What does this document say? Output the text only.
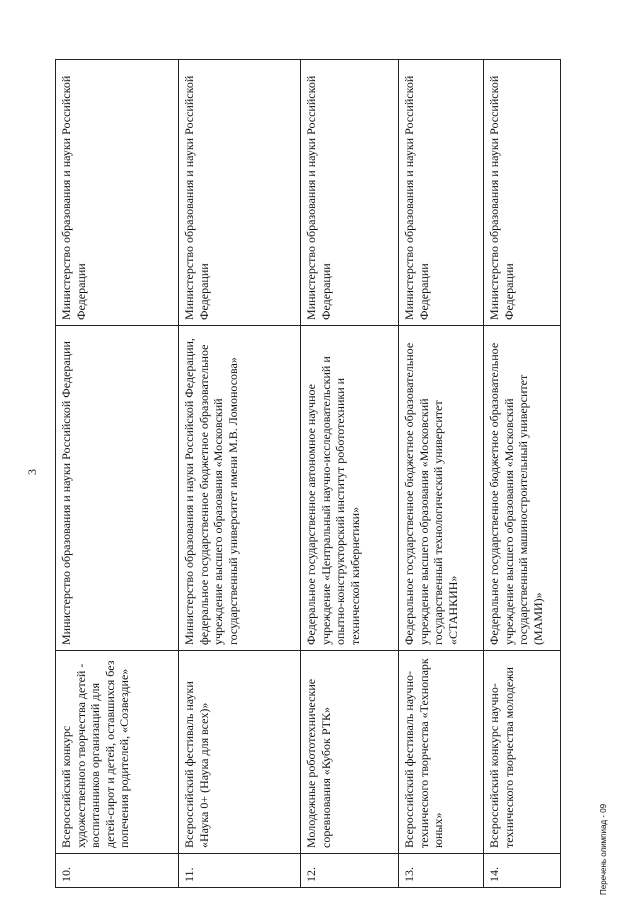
3
10.	Всероссийский конкурс художественного творчества детей - воспитанников организаций для детей-сирот и детей, оставшихся без попечения родителей, «Созвездие»	Министерство образования и науки Российской Федерации	Министерство образования и науки Российской Федерации
11.	Всероссийский фестиваль науки «Наука 0+ (Наука для всех)»	Министерство образования и науки Российской Федерации, федеральное государственное бюджетное образовательное учреждение высшего образования «Московский государственный университет имени М.В. Ломоносова»	Министерство образования и науки Российской Федерации
12.	Молодежные робототехнические соревнования «Кубок РТК»	Федеральное государственное автономное научное учреждение «Центральный научно-исследовательский и опытно-конструкторский институт робототехники и технической кибернетики»	Министерство образования и науки Российской Федерации
13.	Всероссийский фестиваль научно-технического творчества «Технопарк юных»	Федеральное государственное бюджетное образовательное учреждение высшего образования «Московский государственный технологический университет «СТАНКИН»	Министерство образования и науки Российской Федерации
14.	Всероссийский конкурс научно-технического творчества молодежи	Федеральное государственное бюджетное образовательное учреждение высшего образования «Московский государственный машиностроительный университет (МАМИ)»	Министерство образования и науки Российской Федерации
Перечень олимпиад - 09
